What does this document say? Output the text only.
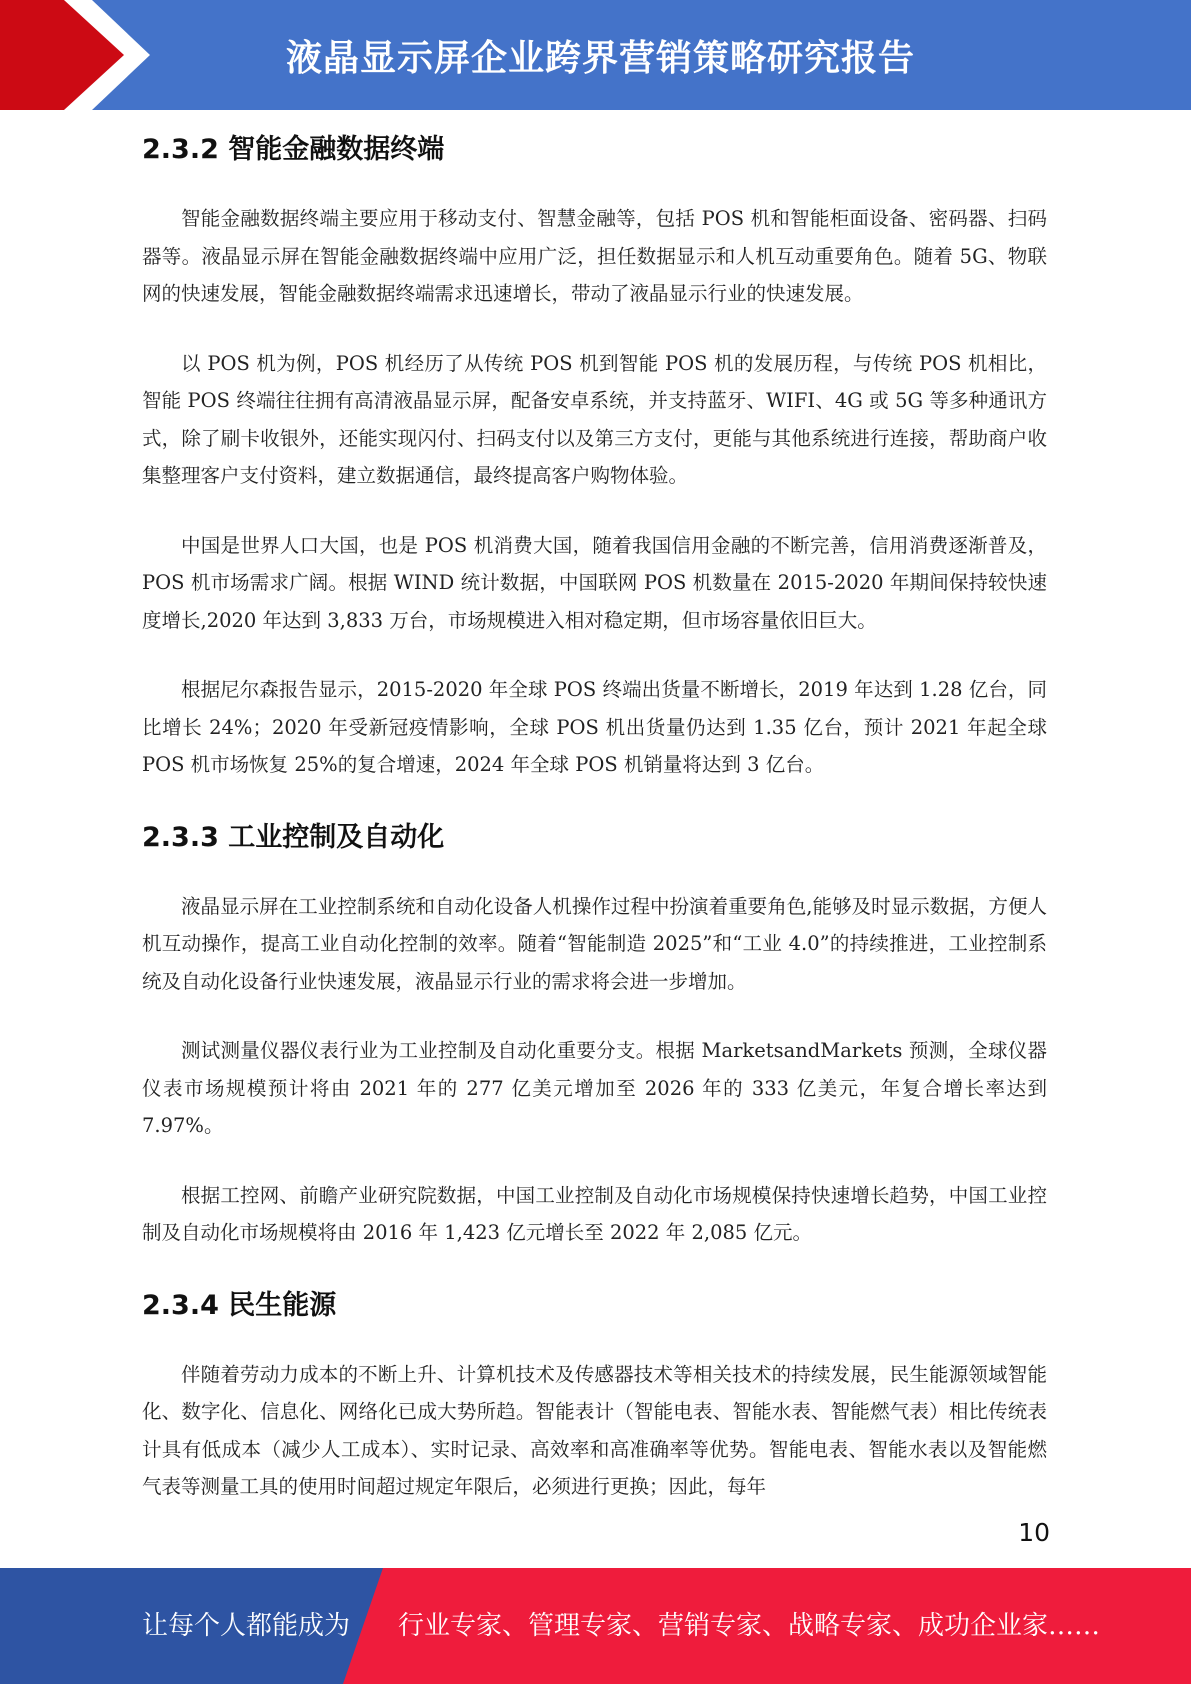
液晶显示屏企业跨界营销策略研究报告
2.3.2 智能金融数据终端

智能金融数据终端主要应用于移动支付、智慧金融等，包括 POS 机和智能柜面设备、密码器、扫码器等。液晶显示屏在智能金融数据终端中应用广泛，担任数据显示和人机互动重要角色。随着 5G、物联网的快速发展，智能金融数据终端需求迅速增长，带动了液晶显示行业的快速发展。

以 POS 机为例，POS 机经历了从传统 POS 机到智能 POS 机的发展历程，与传统 POS 机相比，智能 POS 终端往往拥有高清液晶显示屏，配备安卓系统，并支持蓝牙、WIFI、4G 或 5G 等多种通讯方式，除了刷卡收银外，还能实现闪付、扫码支付以及第三方支付，更能与其他系统进行连接，帮助商户收集整理客户支付资料，建立数据通信，最终提高客户购物体验。

中国是世界人口大国，也是 POS 机消费大国，随着我国信用金融的不断完善，信用消费逐渐普及，POS 机市场需求广阔。根据 WIND 统计数据，中国联网 POS 机数量在 2015-2020 年期间保持较快速度增长,2020 年达到 3,833 万台，市场规模进入相对稳定期，但市场容量依旧巨大。

根据尼尔森报告显示，2015-2020 年全球 POS 终端出货量不断增长，2019 年达到 1.28 亿台，同比增长 24%；2020 年受新冠疫情影响，全球 POS 机出货量仍达到 1.35 亿台，预计 2021 年起全球 POS 机市场恢复 25%的复合增速，2024 年全球 POS 机销量将达到 3 亿台。

2.3.3 工业控制及自动化

液晶显示屏在工业控制系统和自动化设备人机操作过程中扮演着重要角色,能够及时显示数据，方便人机互动操作，提高工业自动化控制的效率。随着“智能制造 2025”和“工业 4.0”的持续推进，工业控制系统及自动化设备行业快速发展，液晶显示行业的需求将会进一步增加。

测试测量仪器仪表行业为工业控制及自动化重要分支。根据 MarketsandMarkets 预测，全球仪器仪表市场规模预计将由 2021 年的 277 亿美元增加至 2026 年的 333 亿美元，年复合增长率达到 7.97%。

根据工控网、前瞻产业研究院数据，中国工业控制及自动化市场规模保持快速增长趋势，中国工业控制及自动化市场规模将由 2016 年 1,423 亿元增长至 2022 年 2,085 亿元。

2.3.4 民生能源

伴随着劳动力成本的不断上升、计算机技术及传感器技术等相关技术的持续发展，民生能源领域智能化、数字化、信息化、网络化已成大势所趋。智能表计（智能电表、智能水表、智能燃气表）相比传统表计具有低成本（减少人工成本）、实时记录、高效率和高准确率等优势。智能电表、智能水表以及智能燃气表等测量工具的使用时间超过规定年限后，必须进行更换；因此，每年

10
让每个人都能成为 行业专家、管理专家、营销专家、战略专家、成功企业家……
